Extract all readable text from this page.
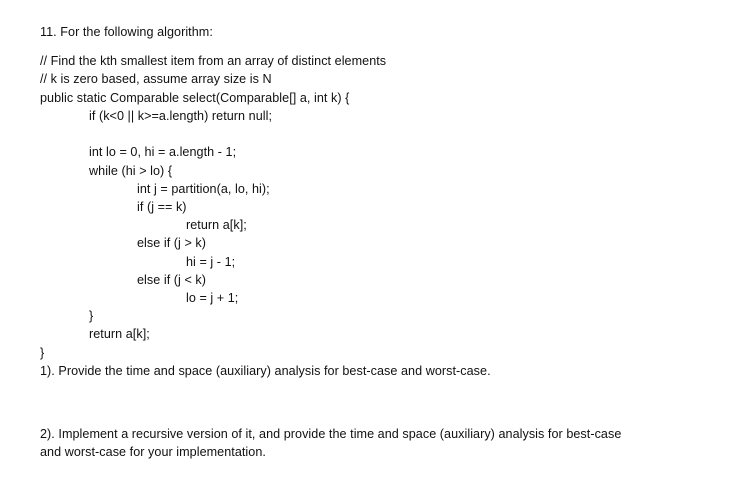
11. For the following algorithm:
// Find the kth smallest item from an array of distinct elements
// k is zero based, assume array size is N
public static Comparable select(Comparable[] a, int k) {
if (k<0 || k>=a.length) return null;
int lo = 0, hi = a.length - 1;
while (hi > lo) {
int j = partition(a, lo, hi);
if (j == k)
return a[k];
else if (j > k)
hi = j - 1;
else if (j < k)
lo = j + 1;
}
return a[k];
}
1). Provide the time and space (auxiliary) analysis for best-case and worst-case.
2). Implement a recursive version of it, and provide the time and space (auxiliary) analysis for best-case
and worst-case for your implementation.
